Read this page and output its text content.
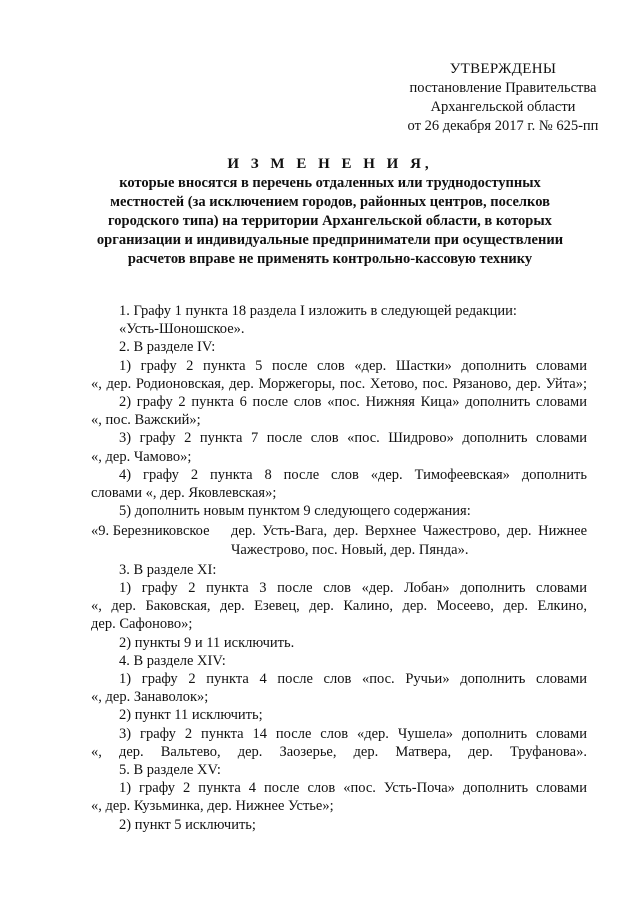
УТВЕРЖДЕНЫ
постановление Правительства
Архангельской области
от 26 декабря 2017 г. № 625-пп
И З М Е Н Е Н И Я,
которые вносятся в перечень отдаленных или труднодоступных
местностей (за исключением городов, районных центров, поселков
городского типа) на территории Архангельской области, в которых
организации и индивидуальные предприниматели при осуществлении
расчетов вправе не применять контрольно-кассовую технику
1. Графу 1 пункта 18 раздела I изложить в следующей редакции:
«Усть-Шоношское».
2. В разделе IV:
1) графу 2 пункта 5 после слов «дер. Шастки» дополнить словами
«, дер. Родионовская, дер. Моржегоры, пос. Хетово, пос. Рязаново, дер. Уйта»;
2) графу 2 пункта 6 после слов «пос. Нижняя Кица» дополнить словами
«, пос. Важский»;
3) графу 2 пункта 7 после слов «пос. Шидрово» дополнить словами
«, дер. Чамово»;
4) графу 2 пункта 8 после слов «дер. Тимофеевская» дополнить
словами «, дер. Яковлевская»;
5) дополнить новым пунктом 9 следующего содержания:
«9. Березниковское	дер. Усть-Вага, дер. Верхнее Чажестрово, дер. Нижнее
Чажестрово, пос. Новый, дер. Пянда».
3. В разделе XI:
1) графу 2 пункта 3 после слов «дер. Лобан» дополнить словами
«, дер. Баковская, дер. Езевец, дер. Калино, дер. Мосеево, дер. Елкино,
дер. Сафоново»;
2) пункты 9 и 11 исключить.
4. В разделе XIV:
1) графу 2 пункта 4 после слов «пос. Ручьи» дополнить словами
«, дер. Занаволок»;
2) пункт 11 исключить;
3) графу 2 пункта 14 после слов «дер. Чушела» дополнить словами
«, дер. Вальтево, дер. Заозерье, дер. Матвера, дер. Труфанова».
5. В разделе XV:
1) графу 2 пункта 4 после слов «пос. Усть-Поча» дополнить словами
«, дер. Кузьминка, дер. Нижнее Устье»;
2) пункт 5 исключить;
